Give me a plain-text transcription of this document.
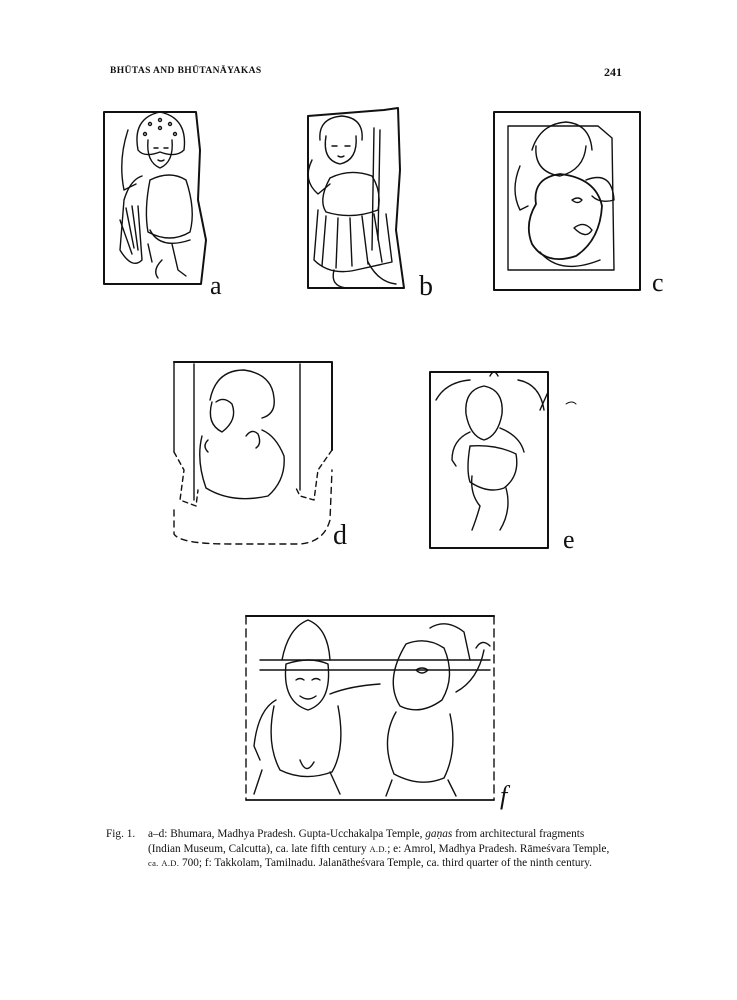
BHŪTAS AND BHŪTANĀYAKAS	241
a	b	c
d	e
f
Fig. 1. a–d: Bhumara, Madhya Pradesh. Gupta-Ucchakalpa Temple, gaṇas from architectural fragments (Indian Museum, Calcutta), ca. late fifth century A.D.; e: Amrol, Madhya Pradesh. Rāmeśvara Temple, ca. A.D. 700; f: Takkolam, Tamilnadu. Jalanātheśvara Temple, ca. third quarter of the ninth century.
